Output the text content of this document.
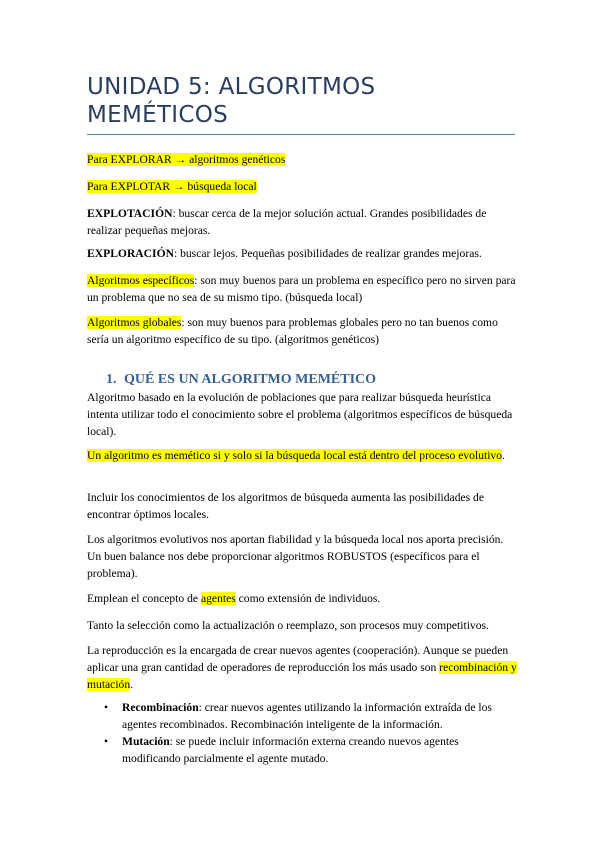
UNIDAD 5: ALGORITMOS
MEMÉTICOS

Para EXPLORAR → algoritmos genéticos

Para EXPLOTAR → búsqueda local

EXPLOTACIÓN: buscar cerca de la mejor solución actual. Grandes posibilidades de realizar pequeñas mejoras.

EXPLORACIÓN: buscar lejos. Pequeñas posibilidades de realizar grandes mejoras.

Algoritmos específicos: son muy buenos para un problema en específico pero no sirven para un problema que no sea de su mismo tipo. (búsqueda local)

Algoritmos globales: son muy buenos para problemas globales pero no tan buenos como sería un algoritmo específico de su tipo. (algoritmos genéticos)

1. QUÉ ES UN ALGORITMO MEMÉTICO

Algoritmo basado en la evolución de poblaciones que para realizar búsqueda heurística intenta utilizar todo el conocimiento sobre el problema (algoritmos específicos de búsqueda local).

Un algoritmo es memético si y solo si la búsqueda local está dentro del proceso evolutivo.

Incluir los conocimientos de los algoritmos de búsqueda aumenta las posibilidades de encontrar óptimos locales.

Los algoritmos evolutivos nos aportan fiabilidad y la búsqueda local nos aporta precisión. Un buen balance nos debe proporcionar algoritmos ROBUSTOS (específicos para el problema).

Emplean el concepto de agentes como extensión de individuos.

Tanto la selección como la actualización o reemplazo, son procesos muy competitivos.

La reproducción es la encargada de crear nuevos agentes (cooperación). Aunque se pueden aplicar una gran cantidad de operadores de reproducción los más usado son recombinación y mutación.

• Recombinación: crear nuevos agentes utilizando la información extraída de los agentes recombinados. Recombinación inteligente de la información.

• Mutación: se puede incluir información externa creando nuevos agentes modificando parcialmente el agente mutado.
